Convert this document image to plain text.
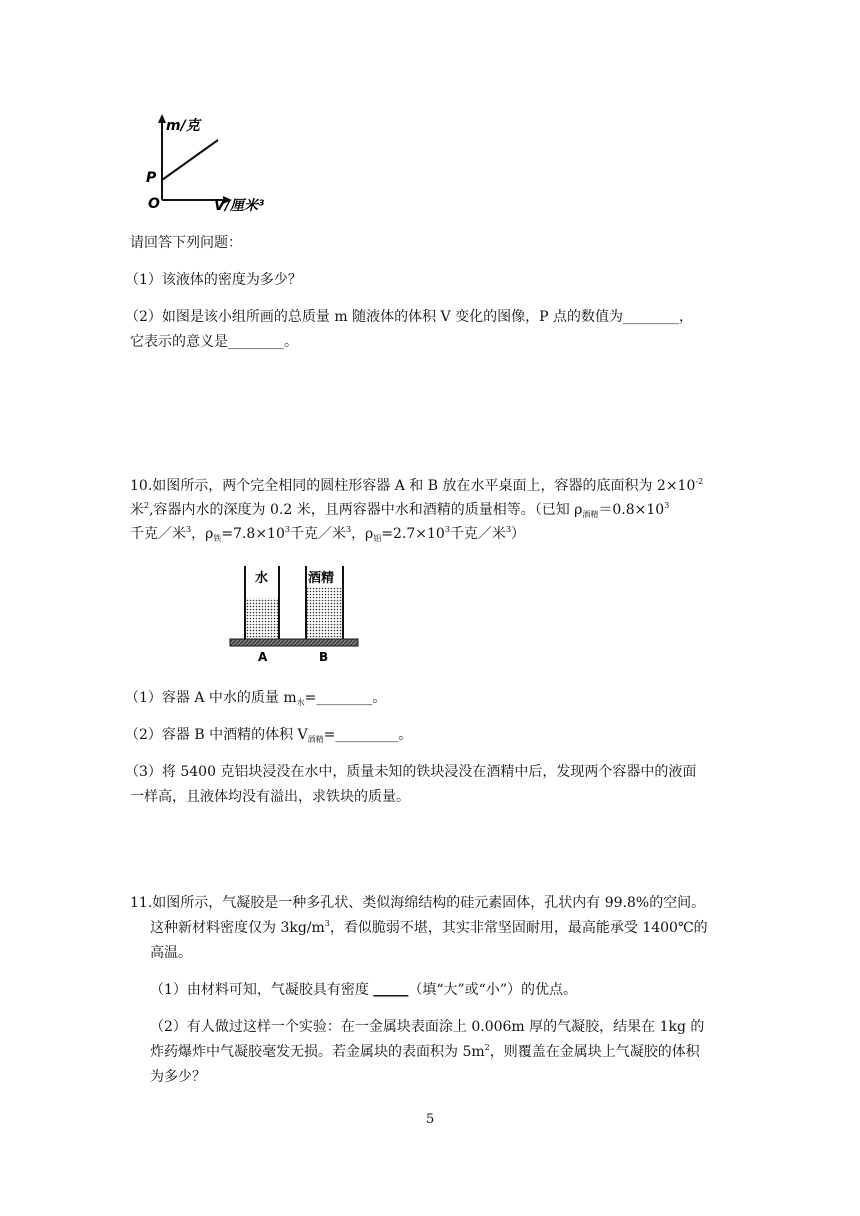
m/克
P
O	V/厘米³
请回答下列问题：
（1）该液体的密度为多少？
（2）如图是该小组所画的总质量 m 随液体的体积 V 变化的图像，P 点的数值为________，
它表示的意义是________。
10.如图所示，两个完全相同的圆柱形容器 A 和 B 放在水平桌面上，容器的底面积为 $2\times 10^{-2}$
米$^2$,容器内水的深度为 0.2 米，且两容器中水和酒精的质量相等。（已知 $\rho_{酒精}=0.8\times 10^3$
千克／米$^3$，$\rho_铁=7.8\times 10^3$千克／米$^3$，$\rho_铝=2.7\times 10^3$千克／米$^3$）
水	酒精
A	B
（1）容器 A 中水的质量 $m_水=\_\_\_\_\_\_\_\_$。
（2）容器 B 中酒精的体积 $V_{酒精}=\_\_\_\_\_\_\_\_\_$。
（3）将 5400 克铝块浸没在水中，质量未知的铁块浸没在酒精中后，发现两个容器中的液面
一样高，且液体均没有溢出，求铁块的质量。
11.如图所示，气凝胶是一种多孔状、类似海绵结构的硅元素固体，孔状内有 99.8%的空间。
这种新材料密度仅为 $3kg/m^3$，看似脆弱不堪，其实非常坚固耐用，最高能承受 1400℃的
高温。
（1）由材料可知，气凝胶具有密度 _____（填“大”或“小”）的优点。
（2）有人做过这样一个实验：在一金属块表面涂上 0.006m 厚的气凝胶，结果在 1kg 的
炸药爆炸中气凝胶毫发无损。若金属块的表面积为 $5m^2$，则覆盖在金属块上气凝胶的体积
为多少？
5
